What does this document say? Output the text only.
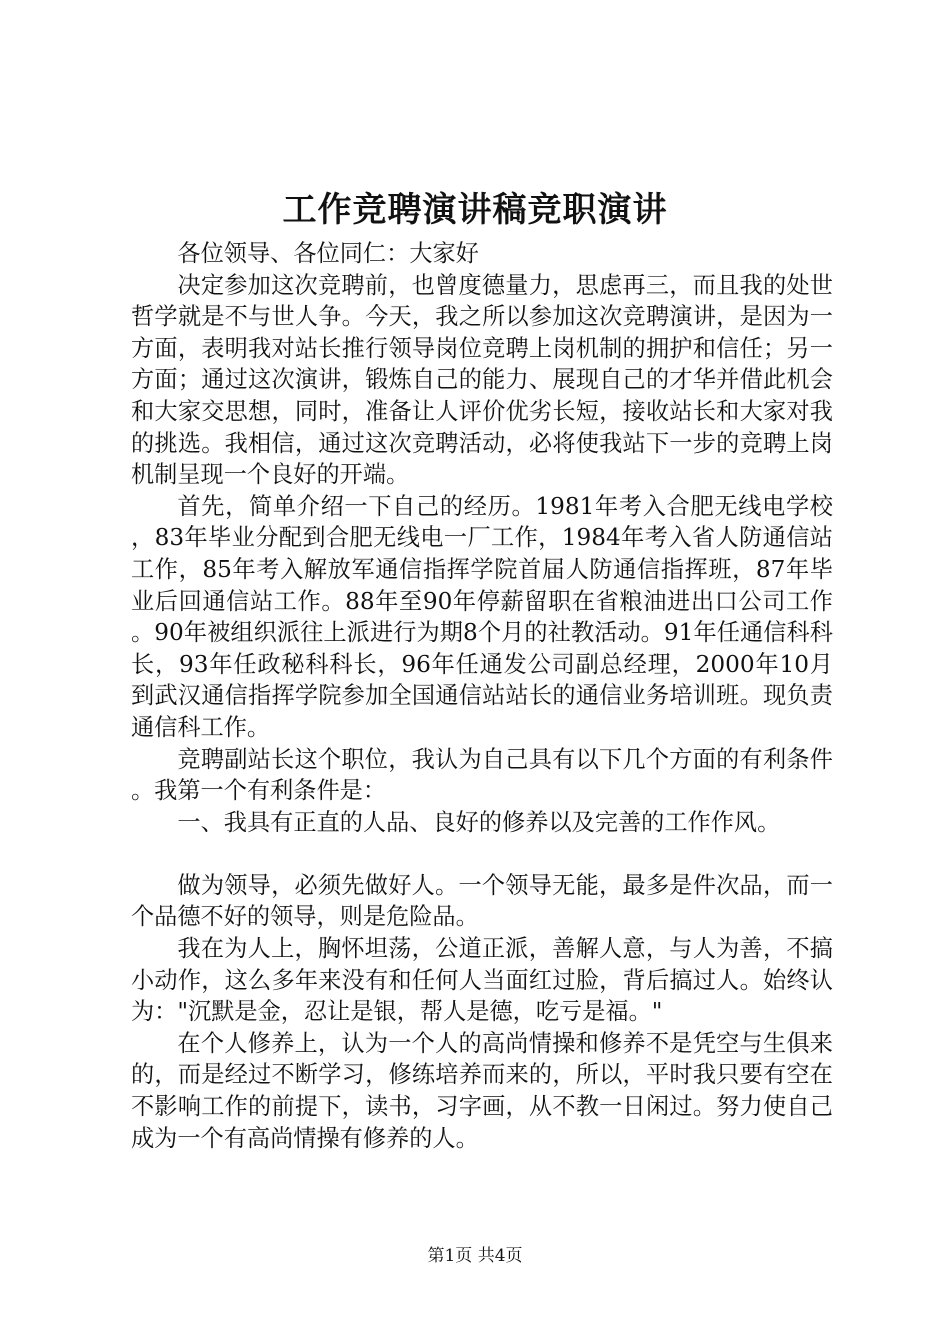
工作竞聘演讲稿竞职演讲

各位领导、各位同仁：大家好

决定参加这次竞聘前，也曾度德量力，思虑再三，而且我的处世哲学就是不与世人争。今天，我之所以参加这次竞聘演讲，是因为一方面，表明我对站长推行领导岗位竞聘上岗机制的拥护和信任；另一方面；通过这次演讲，锻炼自己的能力、展现自己的才华并借此机会和大家交思想，同时，准备让人评价优劣长短，接收站长和大家对我的挑选。我相信，通过这次竞聘活动，必将使我站下一步的竞聘上岗机制呈现一个良好的开端。

首先，简单介绍一下自己的经历。1981年考入合肥无线电学校，83年毕业分配到合肥无线电一厂工作，1984年考入省人防通信站工作，85年考入解放军通信指挥学院首届人防通信指挥班，87年毕业后回通信站工作。88年至90年停薪留职在省粮油进出口公司工作。90年被组织派往上派进行为期8个月的社教活动。91年任通信科科长，93年任政秘科科长，96年任通发公司副总经理，2000年10月到武汉通信指挥学院参加全国通信站站长的通信业务培训班。现负责通信科工作。

竞聘副站长这个职位，我认为自己具有以下几个方面的有利条件。我第一个有利条件是：

一、我具有正直的人品、良好的修养以及完善的工作作风。

做为领导，必须先做好人。一个领导无能，最多是件次品，而一个品德不好的领导，则是危险品。

我在为人上，胸怀坦荡，公道正派，善解人意，与人为善，不搞小动作，这么多年来没有和任何人当面红过脸，背后搞过人。始终认为："沉默是金，忍让是银，帮人是德，吃亏是福。"

在个人修养上，认为一个人的高尚情操和修养不是凭空与生俱来的，而是经过不断学习，修练培养而来的，所以，平时我只要有空在不影响工作的前提下，读书，习字画，从不教一日闲过。努力使自己成为一个有高尚情操有修养的人。

第1页 共4页
